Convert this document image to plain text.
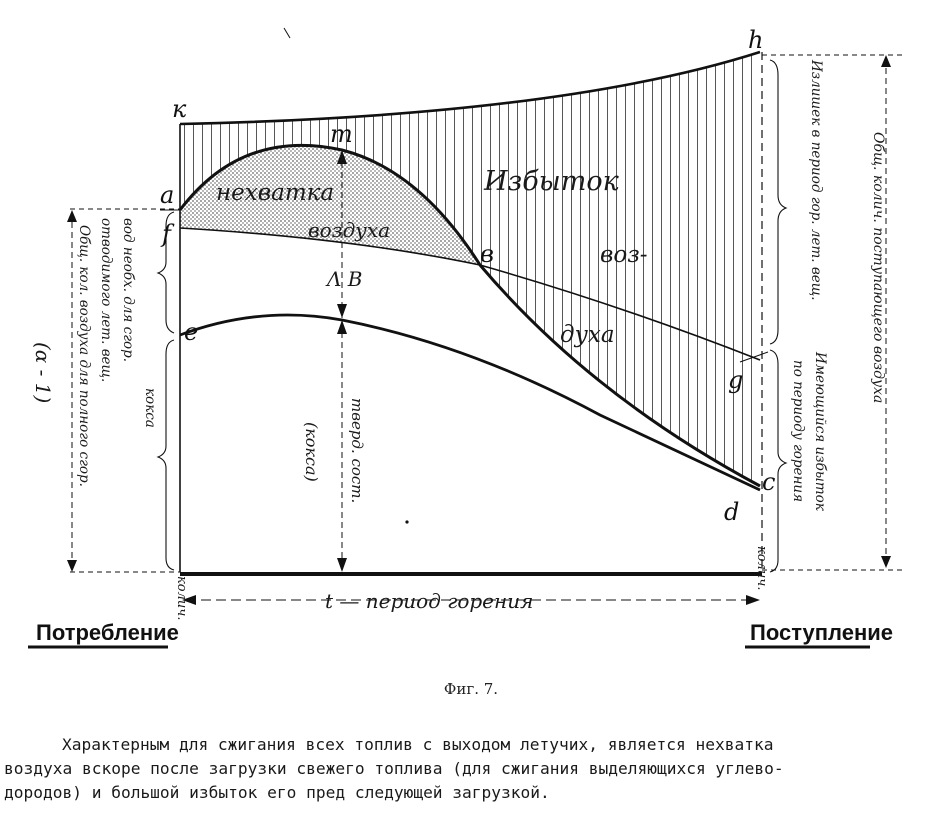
к
m
h
a
f
в
e
g
c
d
нехватка
воздуха
Избыток
воз-
духа
Λ B
тверд. сост.
(кокса)
(α - 1) Общ. кол. воздуха для полного сгор. отводимого лет. вещ. вод необх. для сгор.
кокса
Общ. колич. поступающего воздуха
Излишек в период гор. лет. вещ.
Имеющийся избыток
по периоду горения
колич.
колич.
t — период горения
Потребление	Поступление
Фиг. 7.

Характерным для сжигания всех топлив с выходом летучих, является нехватка

воздуха вскоре после загрузки свежего топлива (для сжигания выделяющихся углево-

дородов) и большой избыток его пред следующей загрузкой.
